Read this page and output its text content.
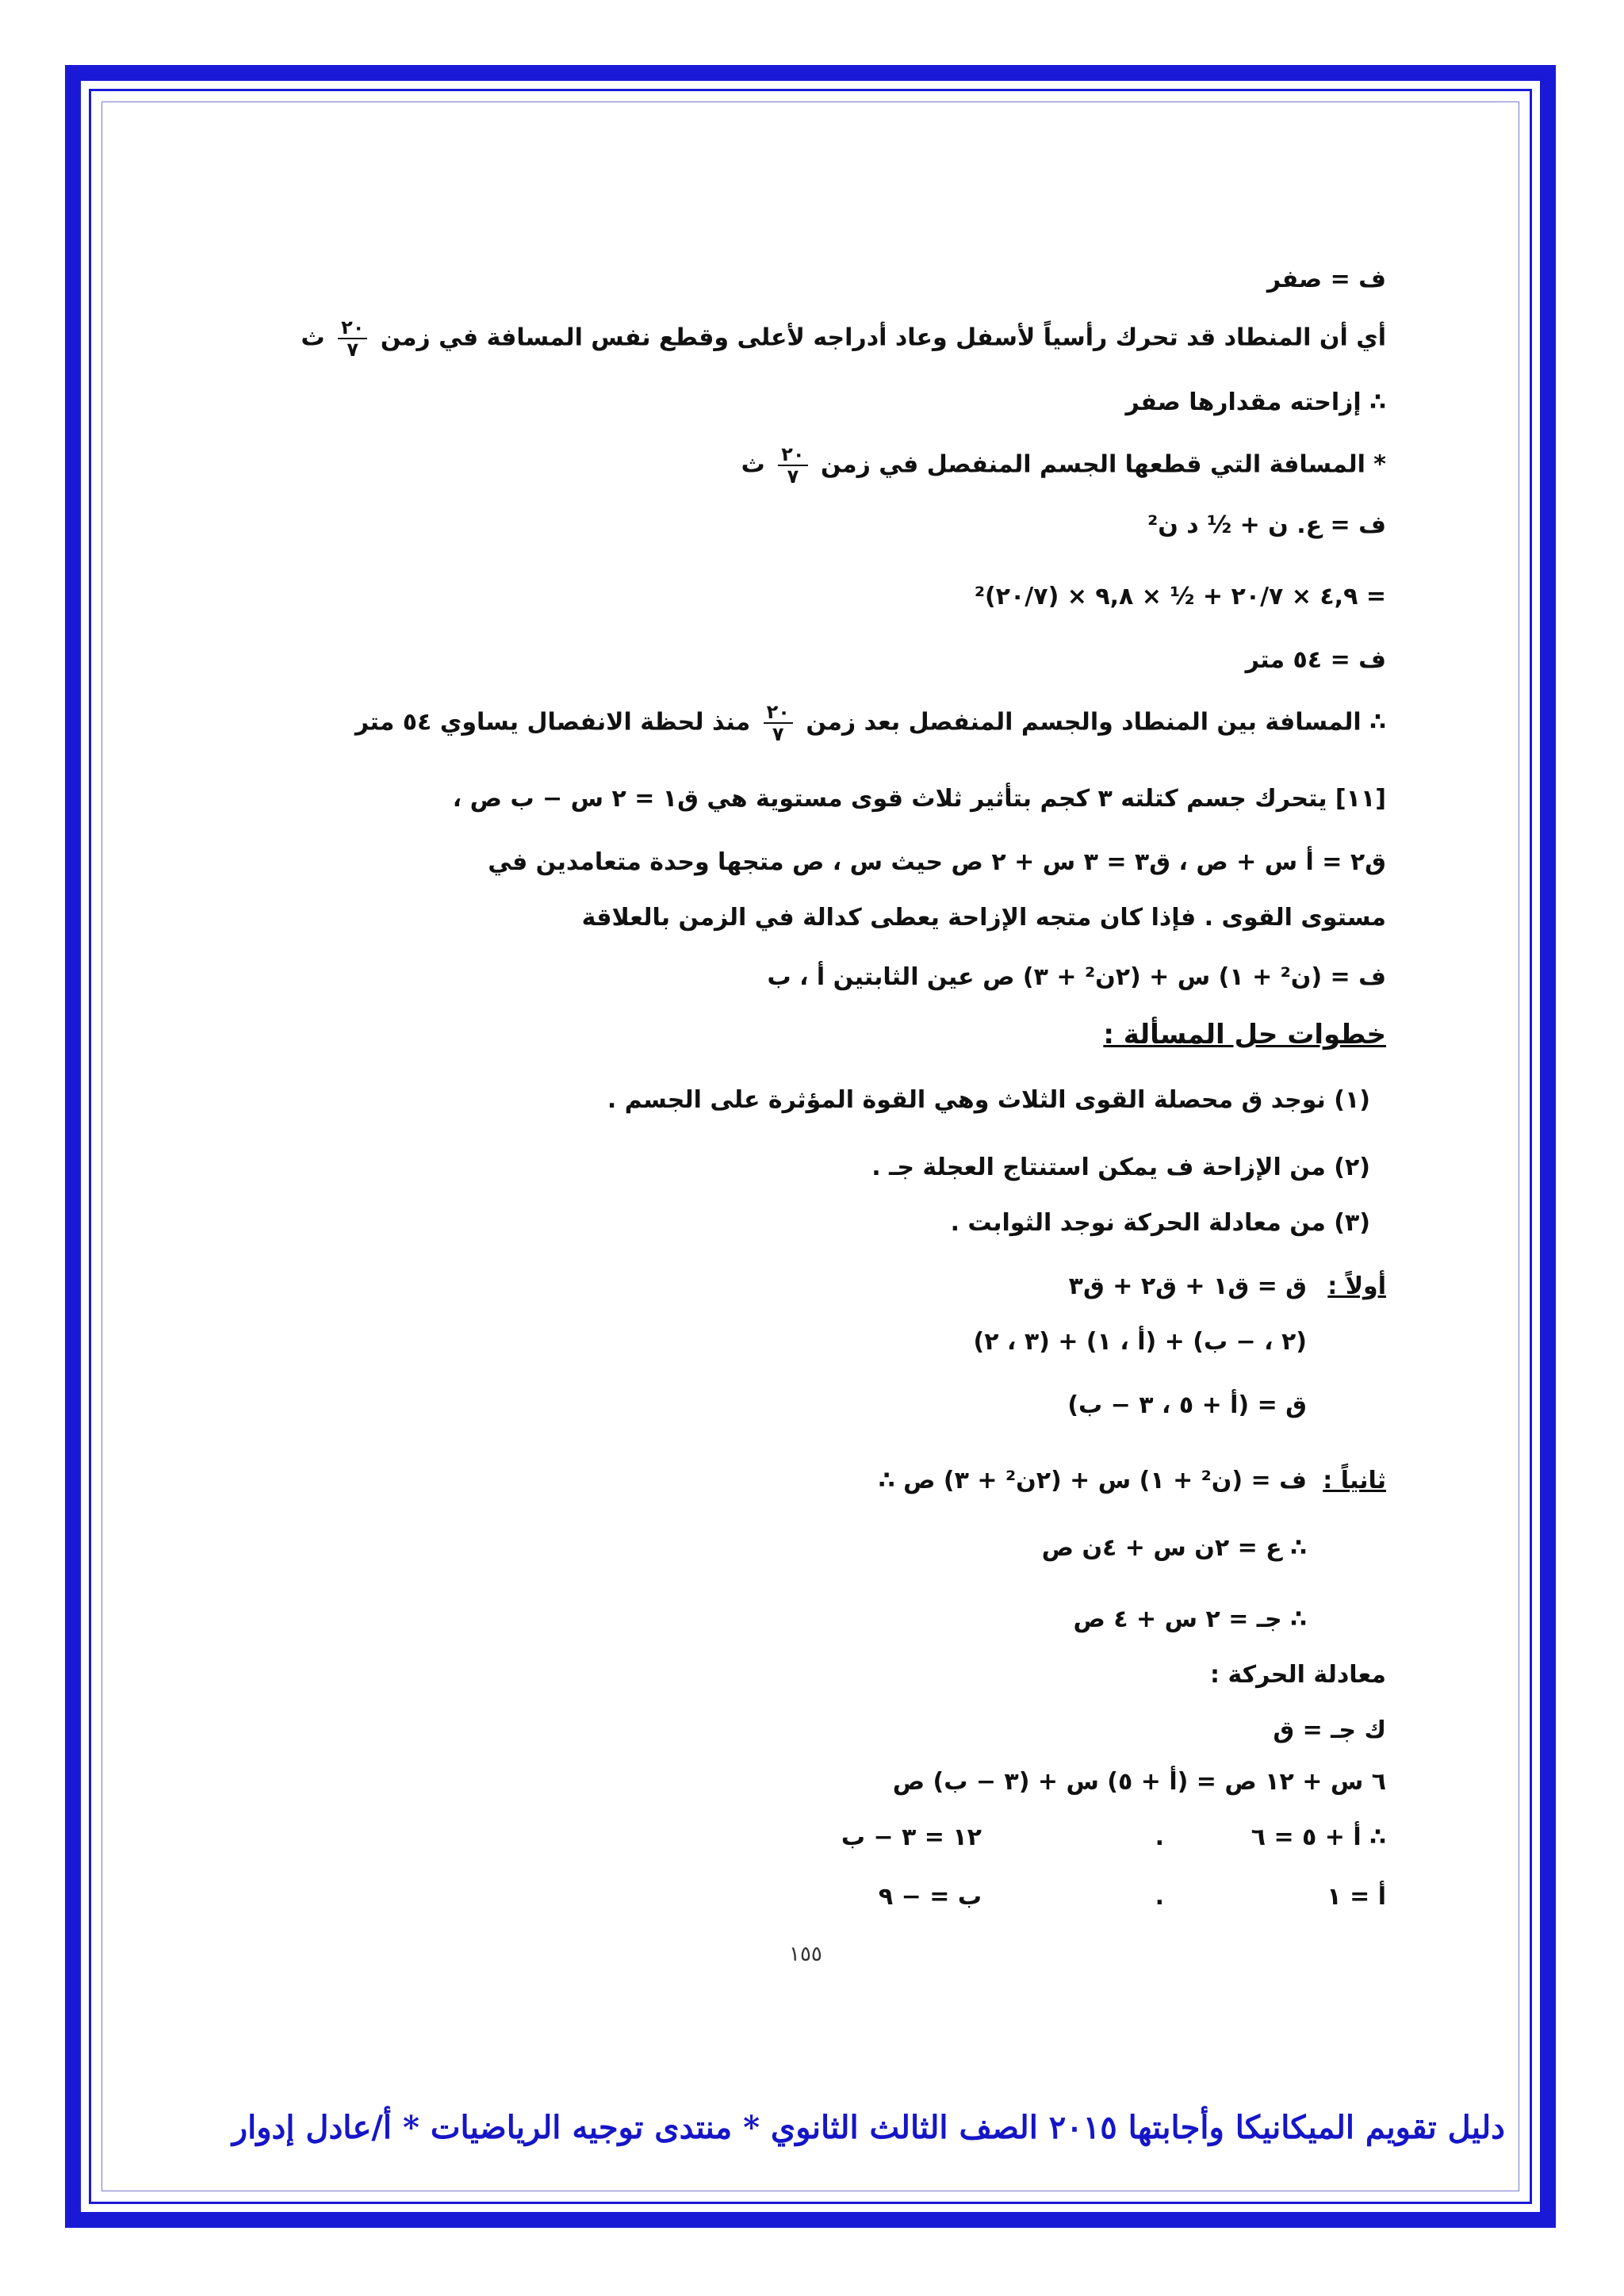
ف = صفر
أي أن المنطاد قد تحرك رأسياً لأسفل وعاد أدراجه لأعلى وقطع نفس المسافة في زمن
$\frac{٢٠}{٧}$
ث
∴ إزاحته مقدارها صفر
* المسافة التي قطعها الجسم المنفصل في زمن
$\frac{٢٠}{٧}$
ث
ف = ع. ن + ½ د ن²
= ٤,٩ × ٢٠/٧ + ½ × ٩,٨ × (٢٠/٧)²
ف = ٥٤ متر
∴ المسافة بين المنطاد والجسم المنفصل بعد زمن
$\frac{٢٠}{٧}$
منذ لحظة الانفصال يساوي ٥٤ متر
[١١] يتحرك جسم كتلته ٣ كجم بتأثير ثلاث قوى مستوية هي ق١ = ٢ س − ب ص ،
ق٢ = أ س + ص ، ق٣ = ٣ س + ٢ ص حيث س ، ص متجها وحدة متعامدين في
مستوى القوى . فإذا كان متجه الإزاحة يعطى كدالة في الزمن بالعلاقة
ف = (ن² + ١) س + (٢ن² + ٣) ص عين الثابتين أ ، ب
خطوات حل المسألة :
(١) نوجد ق محصلة القوى الثلاث وهي القوة المؤثرة على الجسم .
(٢) من الإزاحة ف يمكن استنتاج العجلة جـ .
(٣) من معادلة الحركة نوجد الثوابت .
أولاً :
ق = ق١ + ق٢ + ق٣
(٢ ، − ب) + (أ ، ١) + (٣ ، ٢)
ق = (أ + ٥ ، ٣ − ب)
ثانياً :
ف = (ن² + ١) س + (٢ن² + ٣) ص ∴
∴ ع = ٢ن س + ٤ن ص
∴ جـ = ٢ س + ٤ ص
معادلة الحركة :
ك جـ = ق
٦ س + ١٢ ص = (أ + ٥) س + (٣ − ب) ص
∴ أ + ٥ = ٦
.
١٢ = ٣ − ب
أ = ١
.
ب = − ٩
١٥٥
دليل تقويم الميكانيكا وأجابتها ٢٠١٥ الصف الثالث الثانوي * منتدى توجيه الرياضيات * أ/عادل إدوار
